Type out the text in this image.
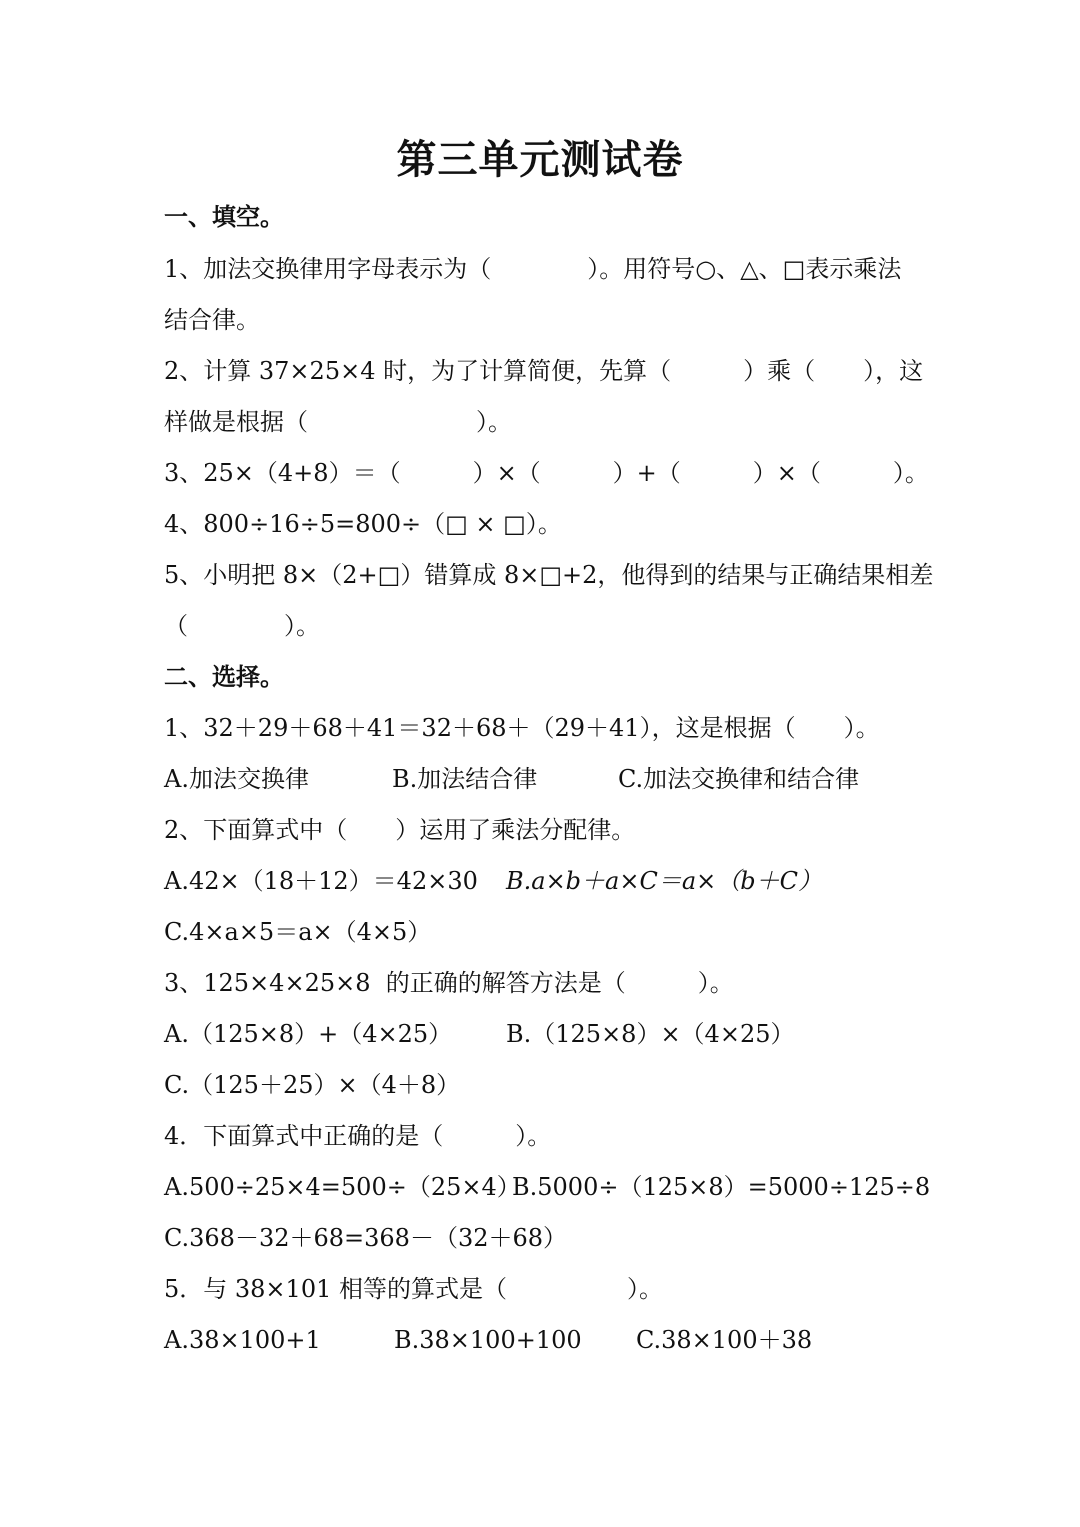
第三单元测试卷
一、填空。
1、加法交换律用字母表示为（　　　　）。用符号○、△、□表示乘法
结合律。
2、计算 37×25×4 时，为了计算简便，先算（　　　）乘（　　），这
样做是根据（　　　　　　　）。
3、25×（4+8）＝（　　　）×（　　　）+（　　　）×（　　　）。
4、800÷16÷5=800÷（□ × □）。
5、小明把 8×（2+□）错算成 8×□+2，他得到的结果与正确结果相差
（　　　　）。
二、选择。
1、32＋29＋68＋41＝32＋68＋（29＋41），这是根据（　　）。
A.加法交换律	B.加法结合律	C.加法交换律和结合律
2、下面算式中（　　）运用了乘法分配律。
A.42×（18＋12）＝42×30 B.a×b＋a×C＝a×（b＋C）
C.4×a×5＝a×（4×5）
3、125×4×25×8  的正确的解答方法是（　　　）。
A.（125×8）+（4×25） B.（125×8）×（4×25）
C.（125＋25）×（4＋8）
4．下面算式中正确的是（　　　）。
A.500÷25×4=500÷（25×4）
B.5000÷（125×8）=5000÷125÷8
C.368－32＋68=368－（32＋68）
5．与 38×101 相等的算式是（　　　　　）。
A.38×100+1	B.38×100+100 C.38×100＋38
